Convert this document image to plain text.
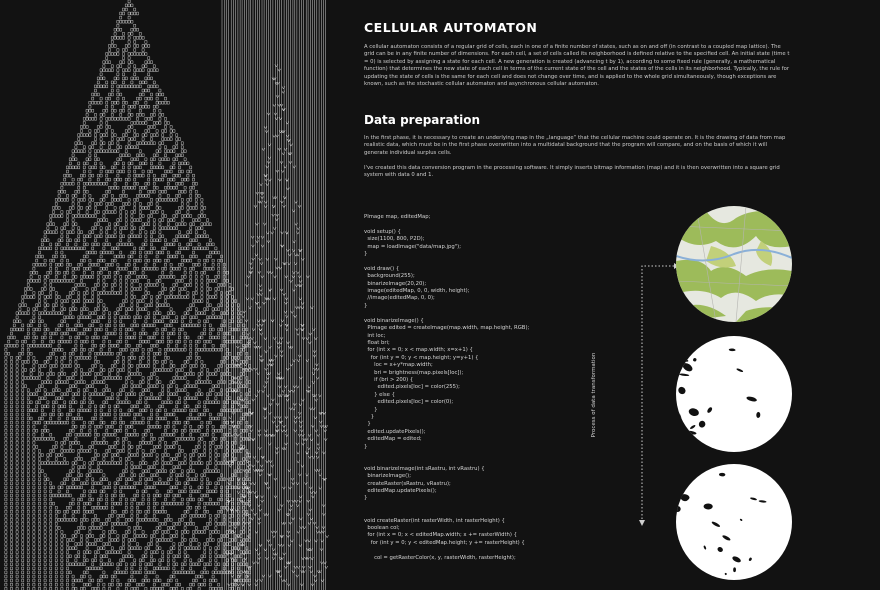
CELLULAR AUTOMATON
A cellular automaton consists of a regular grid of cells, each in one of a finite number of states, such as on and off (in contrast to a coupled map lattice). The grid can be in any finite number of dimensions. For each cell, a set of cells called its neighborhood is defined relative to the specified cell. An initial state (time t = 0) is selected by assigning a state for each cell. A new generation is created (advancing t by 1), according to some fixed rule (generally, a mathematical function) that determines the new state of each cell in terms of the current state of the cell and the states of the cells in its neighborhood. Typically, the rule for updating the state of cells is the same for each cell and does not change over time, and is applied to the whole grid simultaneously, though exceptions are known, such as the stochastic cellular automaton and asynchronous cellular automaton.
Data preparation
In the first phase, it is necessary to create an underlying map in the „language“ that the cellular machine could operate on. It is the drawing of data from map realistic data, which must be in the first phase overwritten into a multidatal background that the program will compare, and on the basis of which it will generate individual surplus cells.
I've created this data conversion program in the processing software. It simply inserts bitmap information (map) and it is then overwritten into a square grid system with data 0 and 1.
PImage map, editedMap;

void setup() {
size(1100, 800, P2D);
map = loadImage("data/map.jpg");
}

void draw() {
background(255);
binarizeImage(20,20);
image(editedMap, 0, 0, width, height);
//image(editedMap, 0, 0);
}

void binarizeImage() {
PImage edited = createImage(map.width, map.height, RGB);
int loc;
float bri;
for (int x = 0; x < map.width; x=x+1) {
for (int y = 0; y < map.height; y=y+1) {
loc = x+y*map.width;
bri = brightness(map.pixels[loc]);
if (bri > 200) {
edited.pixels[loc] = color(255);
} else {
edited.pixels[loc] = color(0);
}
}
}
edited.updatePixels();
editedMap = edited;
}

void binarizeImage(int sRastru, int vRastru) {
binarizeImage();
createRaster(sRastru, vRastru);
editedMap.updatePixels();
}

void createRaster(int rasterWidth, int rasterHeight) {
boolean col;
for (int x = 0; x < editedMap.width; x += rasterWidth) {
for (int y = 0; y < editedMap.height; y += rasterHeight) {

col = getRasterColor(x, y, rasterWidth, rasterHeight);
Process of data transformation
